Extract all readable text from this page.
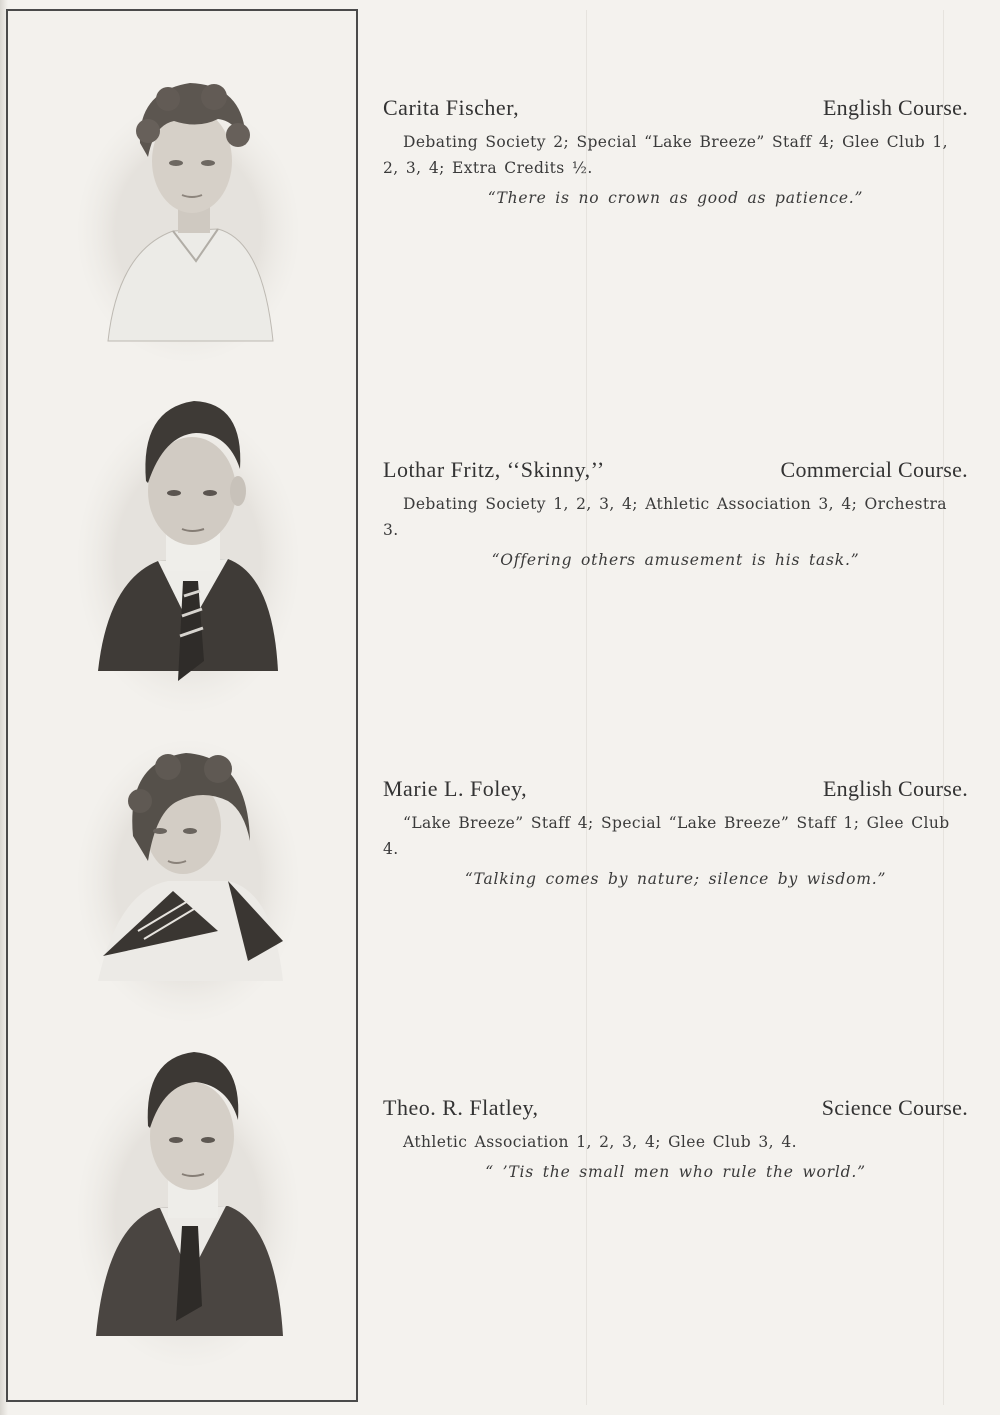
Carita Fischer,	English Course.
Debating Society 2; Special “Lake Breeze” Staff 4; Glee Club 1, 2, 3, 4; Extra Credits ½.
“There is no crown as good as patience.”
Lothar Fritz, ‘‘Skinny,’’	Commercial Course.
Debating Society 1, 2, 3, 4; Athletic Association 3, 4; Orchestra 3.
“Offering others amusement is his task.”
Marie L. Foley,	English Course.
“Lake Breeze” Staff 4; Special “Lake Breeze” Staff 1; Glee Club 4.
“Talking comes by nature; silence by wisdom.”
Theo. R. Flatley,	Science Course.
Athletic Association 1, 2, 3, 4; Glee Club 3, 4.
“ ’Tis the small men who rule the world.”
